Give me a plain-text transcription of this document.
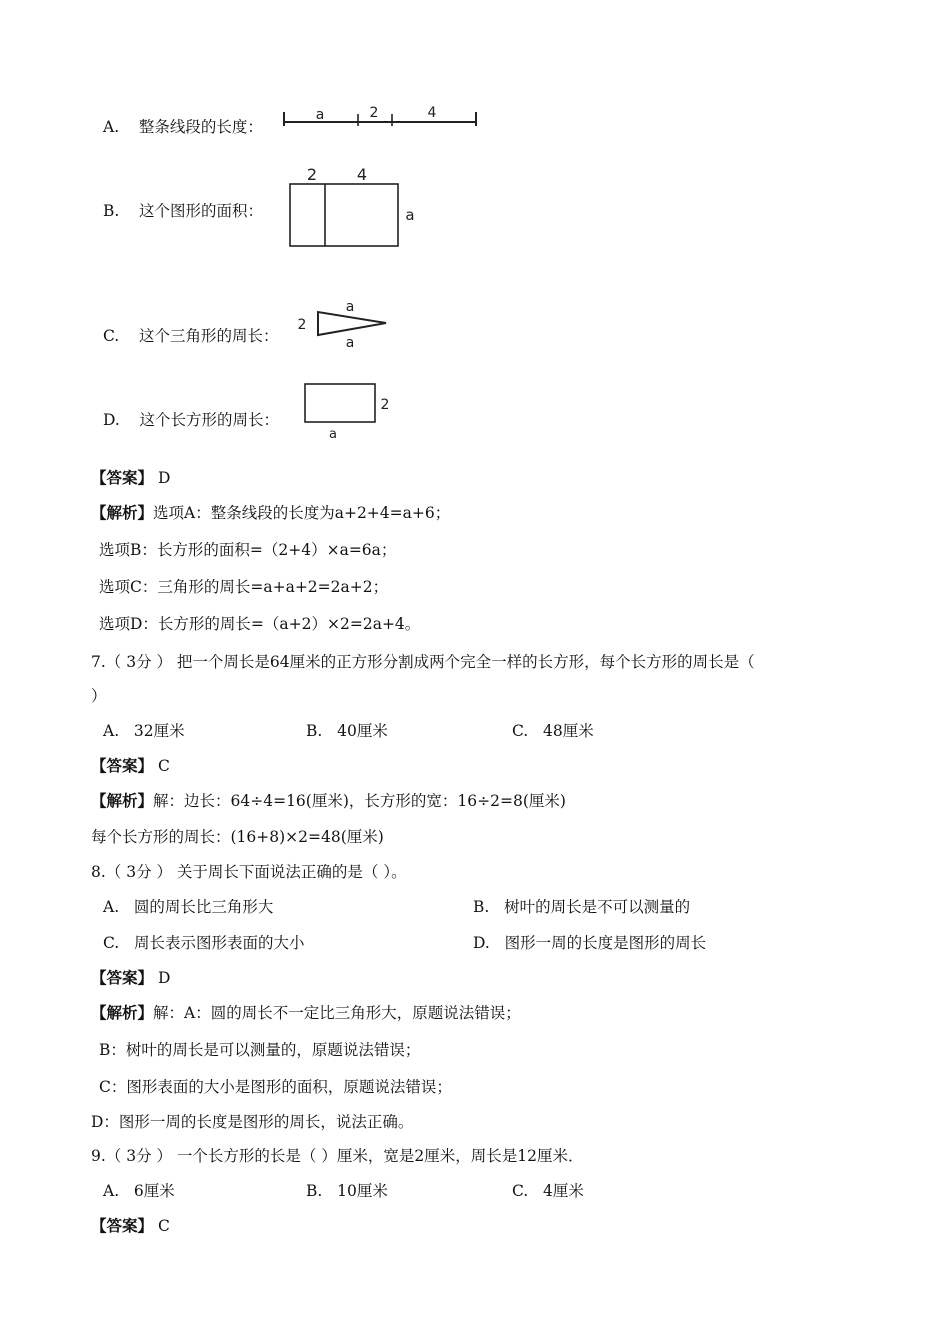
A. 整条线段的长度：
a	2	4
B. 这个图形的面积：
2 4
a
C. 这个三角形的周长：
2
a
a
D. 这个长方形的周长：
2
a
【答案】 D
【解析】选项A：整条线段的长度为a+2+4=a+6；
选项B：长方形的面积=（2+4）×a=6a；
选项C：三角形的周长=a+a+2=2a+2；
选项D：长方形的周长=（a+2）×2=2a+4。
7.（ 3分 ） 把一个周长是64厘米的正方形分割成两个完全一样的长方形，每个长方形的周长是（
）
A. 32厘米	B. 40厘米	C. 48厘米
【答案】 C
【解析】解：边长：64÷4=16(厘米)，长方形的宽：16÷2=8(厘米)
每个长方形的周长：(16+8)×2=48(厘米)
8.（ 3分 ） 关于周长下面说法正确的是（ ）。
A. 圆的周长比三角形大	B. 树叶的周长是不可以测量的
C. 周长表示图形表面的大小	D. 图形一周的长度是图形的周长
【答案】 D
【解析】解：A：圆的周长不一定比三角形大，原题说法错误；
B：树叶的周长是可以测量的，原题说法错误；
C：图形表面的大小是图形的面积，原题说法错误；
D：图形一周的长度是图形的周长，说法正确。
9.（ 3分 ） 一个长方形的长是（ ）厘米，宽是2厘米，周长是12厘米．
A. 6厘米	B. 10厘米	C. 4厘米
【答案】 C
